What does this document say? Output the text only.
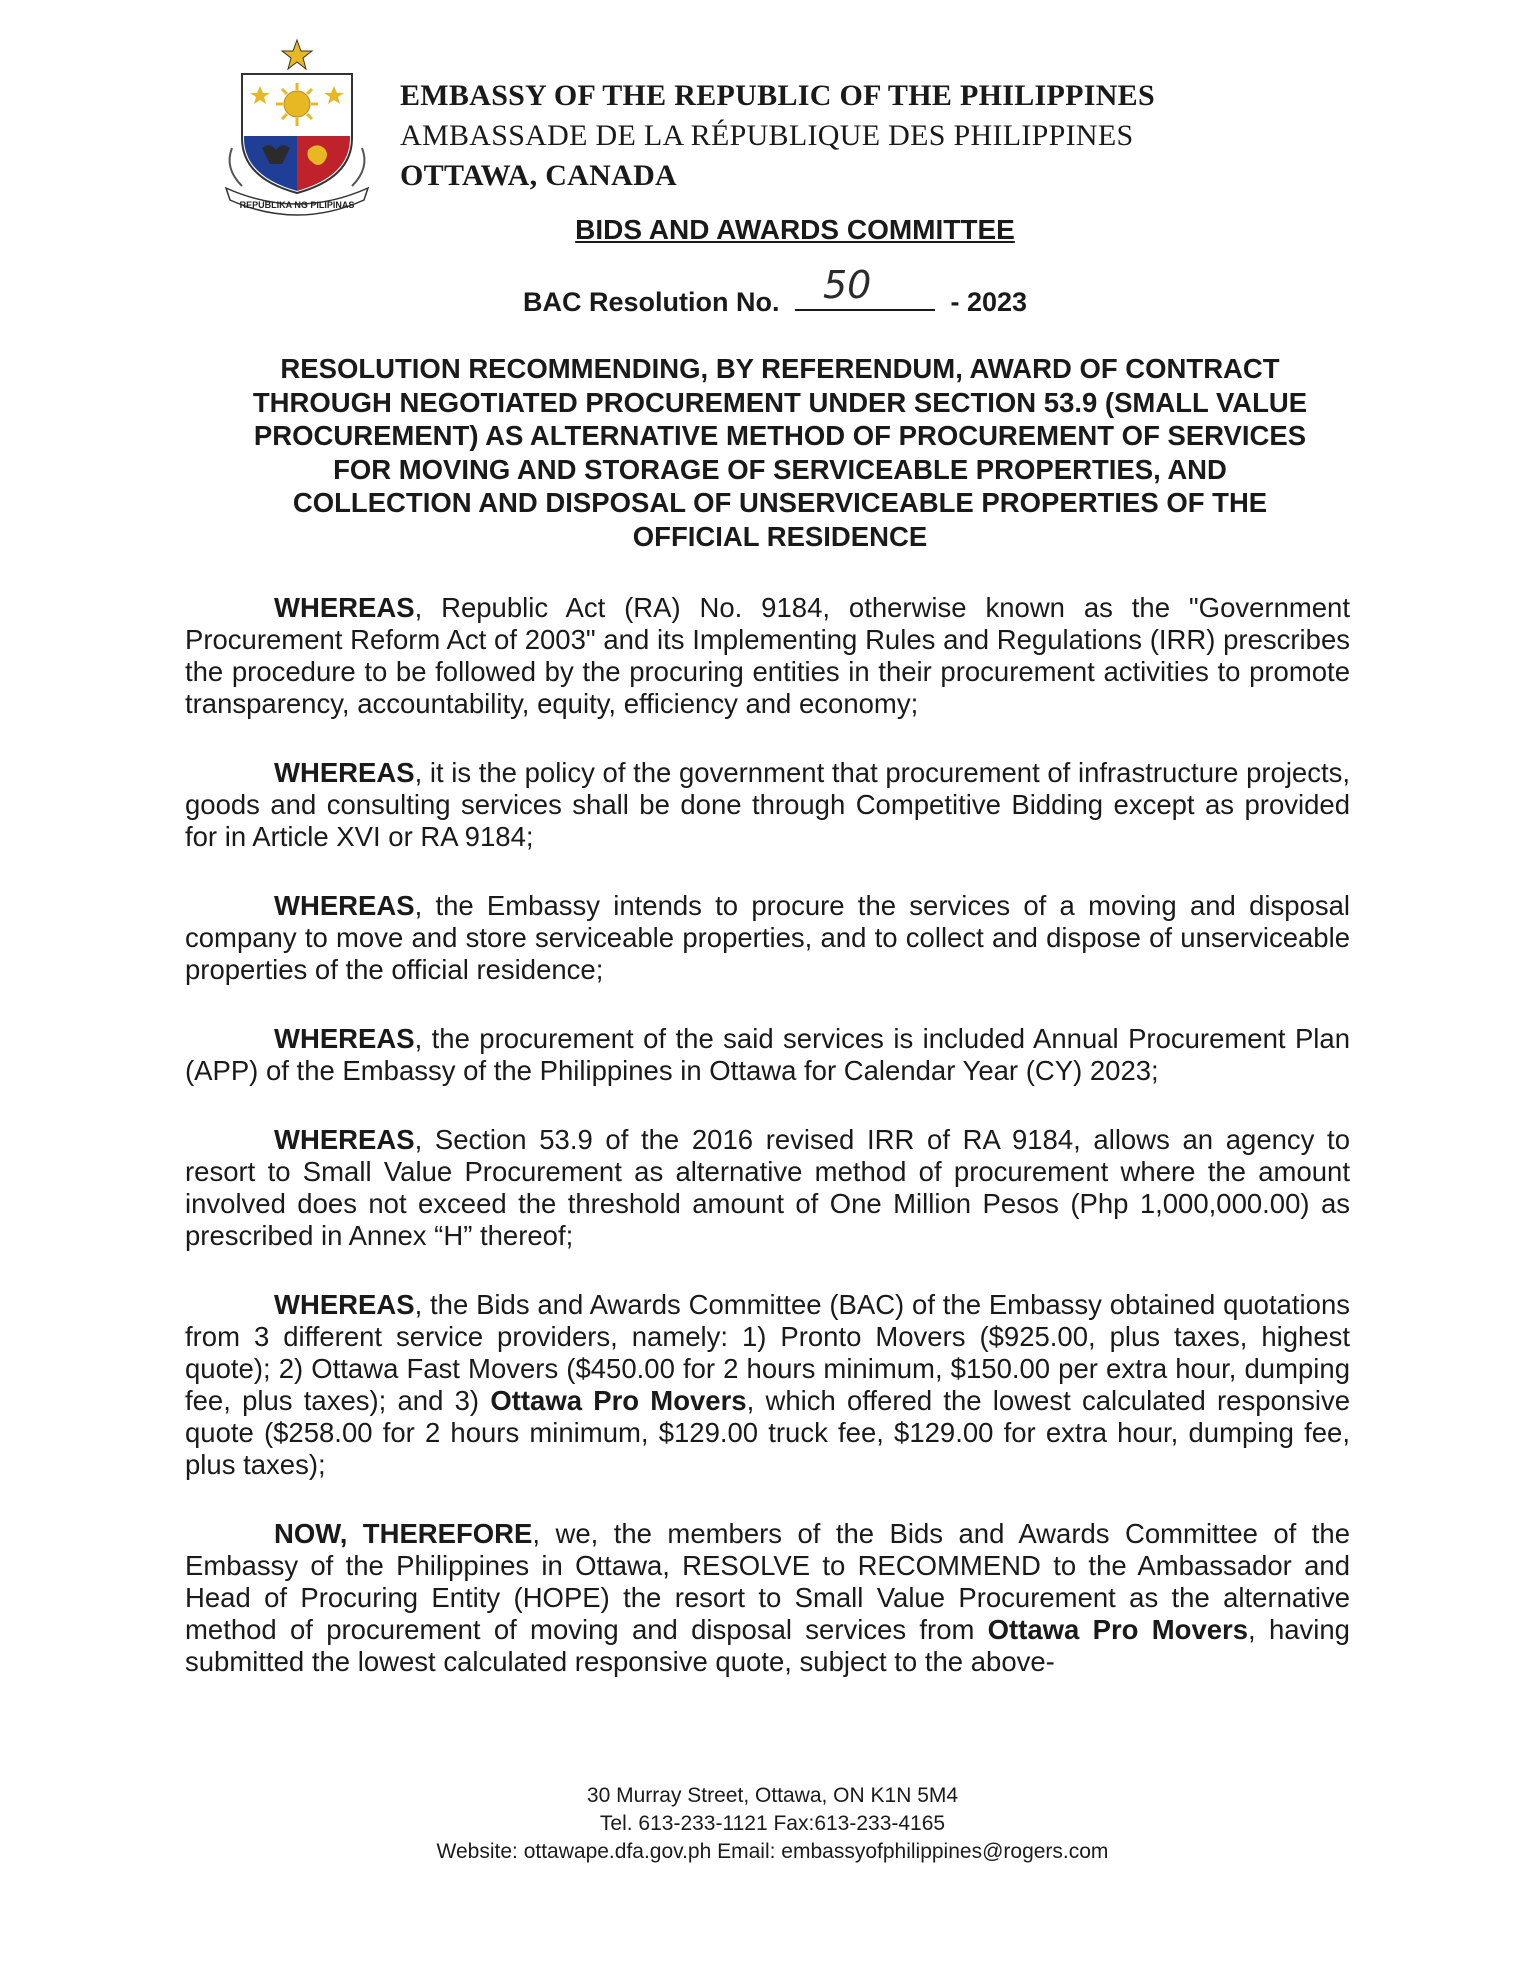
REPUBLIKA NG PILIPINAS
EMBASSY OF THE REPUBLIC OF THE PHILIPPINES
AMBASSADE DE LA RÉPUBLIQUE DES PHILIPPINES
OTTAWA, CANADA
BIDS AND AWARDS COMMITTEE
BAC Resolution No. 50	- 2023
RESOLUTION RECOMMENDING, BY REFERENDUM, AWARD OF CONTRACT
THROUGH NEGOTIATED PROCUREMENT UNDER SECTION 53.9 (SMALL VALUE
PROCUREMENT) AS ALTERNATIVE METHOD OF PROCUREMENT OF SERVICES
FOR MOVING AND STORAGE OF SERVICEABLE PROPERTIES, AND
COLLECTION AND DISPOSAL OF UNSERVICEABLE PROPERTIES OF THE
OFFICIAL RESIDENCE

WHEREAS, Republic Act (RA) No. 9184, otherwise known as the "Government Procurement Reform Act of 2003" and its Implementing Rules and Regulations (IRR) prescribes the procedure to be followed by the procuring entities in their procurement activities to promote transparency, accountability, equity, efficiency and economy;

WHEREAS, it is the policy of the government that procurement of infrastructure projects, goods and consulting services shall be done through Competitive Bidding except as provided for in Article XVI or RA 9184;

WHEREAS, the Embassy intends to procure the services of a moving and disposal company to move and store serviceable properties, and to collect and dispose of unserviceable properties of the official residence;

WHEREAS, the procurement of the said services is included Annual Procurement Plan (APP) of the Embassy of the Philippines in Ottawa for Calendar Year (CY) 2023;

WHEREAS, Section 53.9 of the 2016 revised IRR of RA 9184, allows an agency to resort to Small Value Procurement as alternative method of procurement where the amount involved does not exceed the threshold amount of One Million Pesos (Php 1,000,000.00) as prescribed in Annex “H” thereof;

WHEREAS, the Bids and Awards Committee (BAC) of the Embassy obtained quotations from 3 different service providers, namely: 1) Pronto Movers ($925.00, plus taxes, highest quote); 2) Ottawa Fast Movers ($450.00 for 2 hours minimum, $150.00 per extra hour, dumping fee, plus taxes); and 3) Ottawa Pro Movers, which offered the lowest calculated responsive quote ($258.00 for 2 hours minimum, $129.00 truck fee, $129.00 for extra hour, dumping fee, plus taxes);

NOW, THEREFORE, we, the members of the Bids and Awards Committee of the Embassy of the Philippines in Ottawa, RESOLVE to RECOMMEND to the Ambassador and Head of Procuring Entity (HOPE) the resort to Small Value Procurement as the alternative method of procurement of moving and disposal services from Ottawa Pro Movers, having submitted the lowest calculated responsive quote, subject to the above-

30 Murray Street, Ottawa, ON K1N 5M4
Tel. 613-233-1121 Fax:613-233-4165
Website: ottawape.dfa.gov.ph Email: embassyofphilippines@rogers.com
